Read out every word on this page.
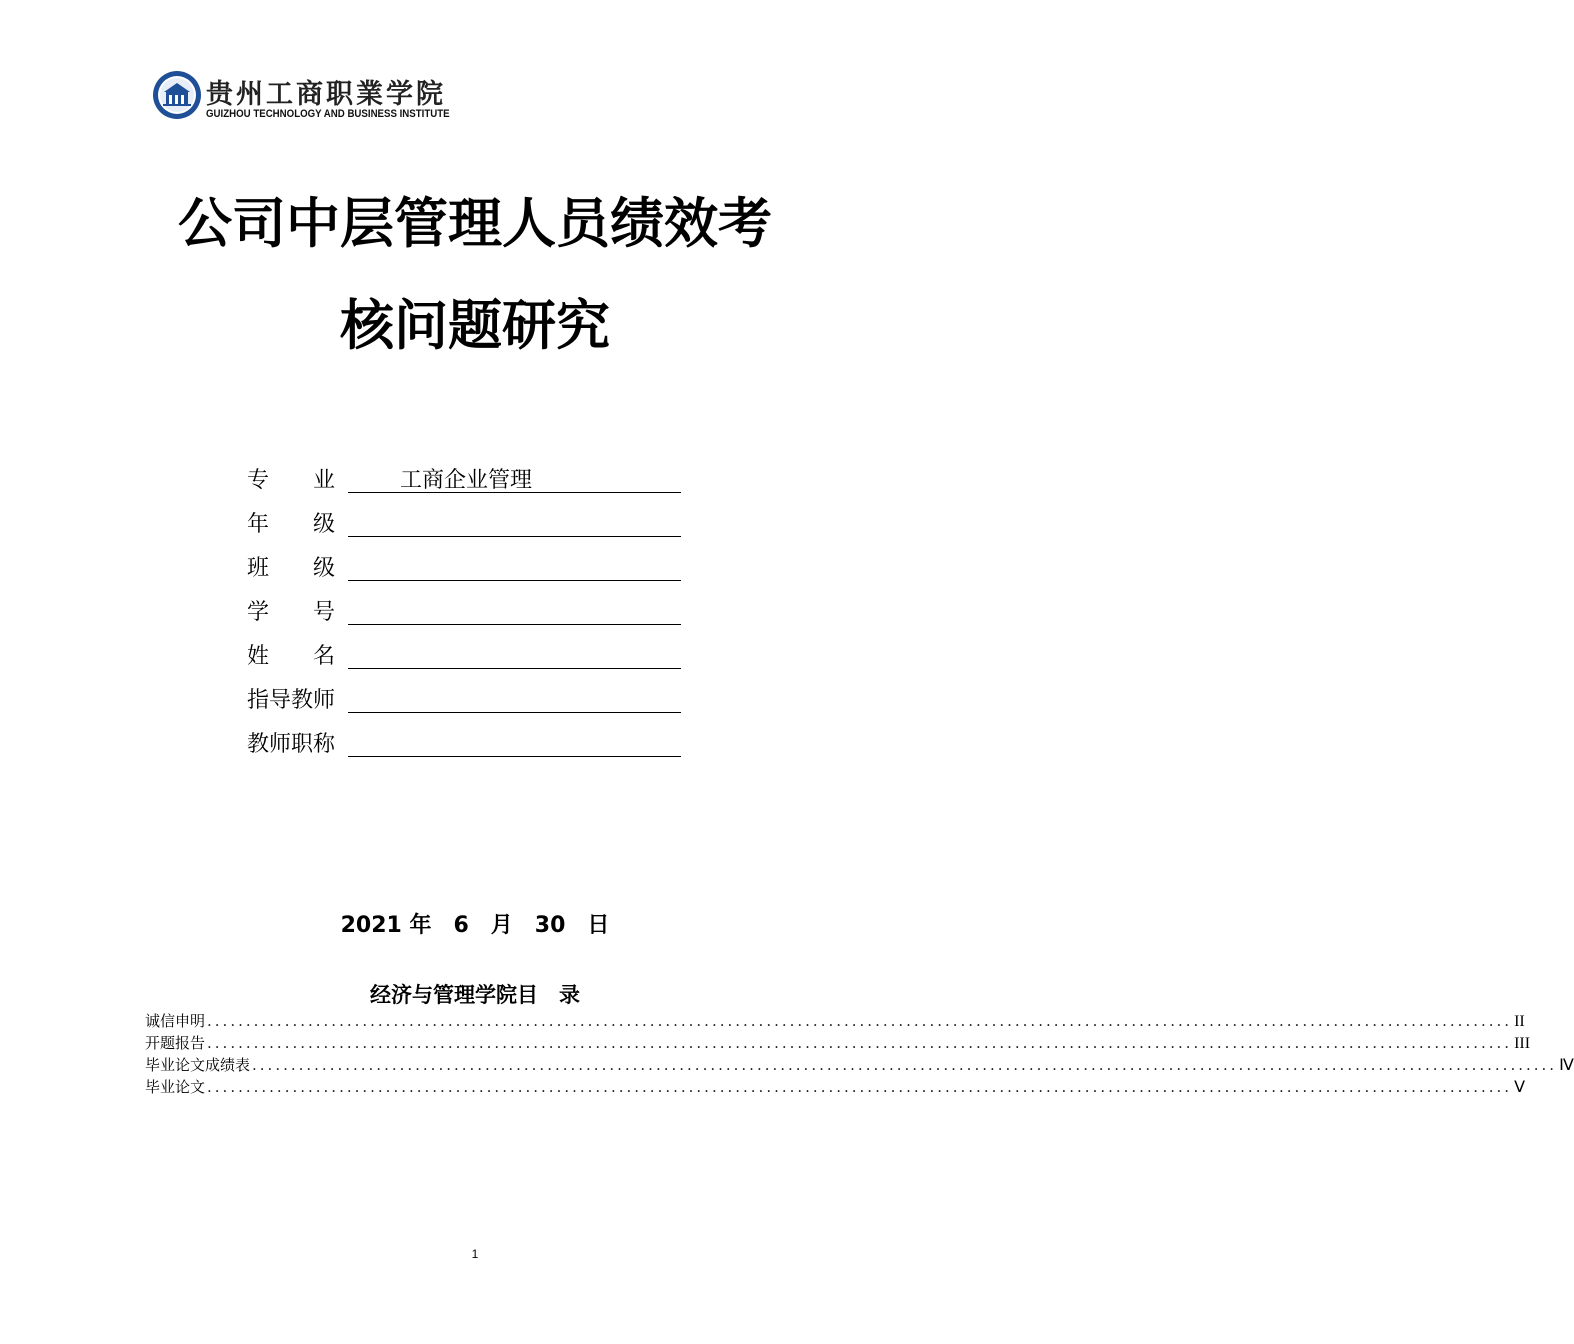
贵州工商职業学院
GUIZHOU TECHNOLOGY AND BUSINESS INSTITUTE
公司中层管理人员绩效考
核问题研究
专　　业	工商企业管理
年　　级
班　　级
学　　号
姓　　名
指导教师
教师职称
2021 年　6　月　30　日
经济与管理学院目　录
诚信申明 ........................................................................................................................................................................ II
开题报告 ........................................................................................................................................................................ III
毕业论文成绩表 ........................................................................................................................................................................ Ⅳ
毕业论文 ........................................................................................................................................................................ Ⅴ
1
